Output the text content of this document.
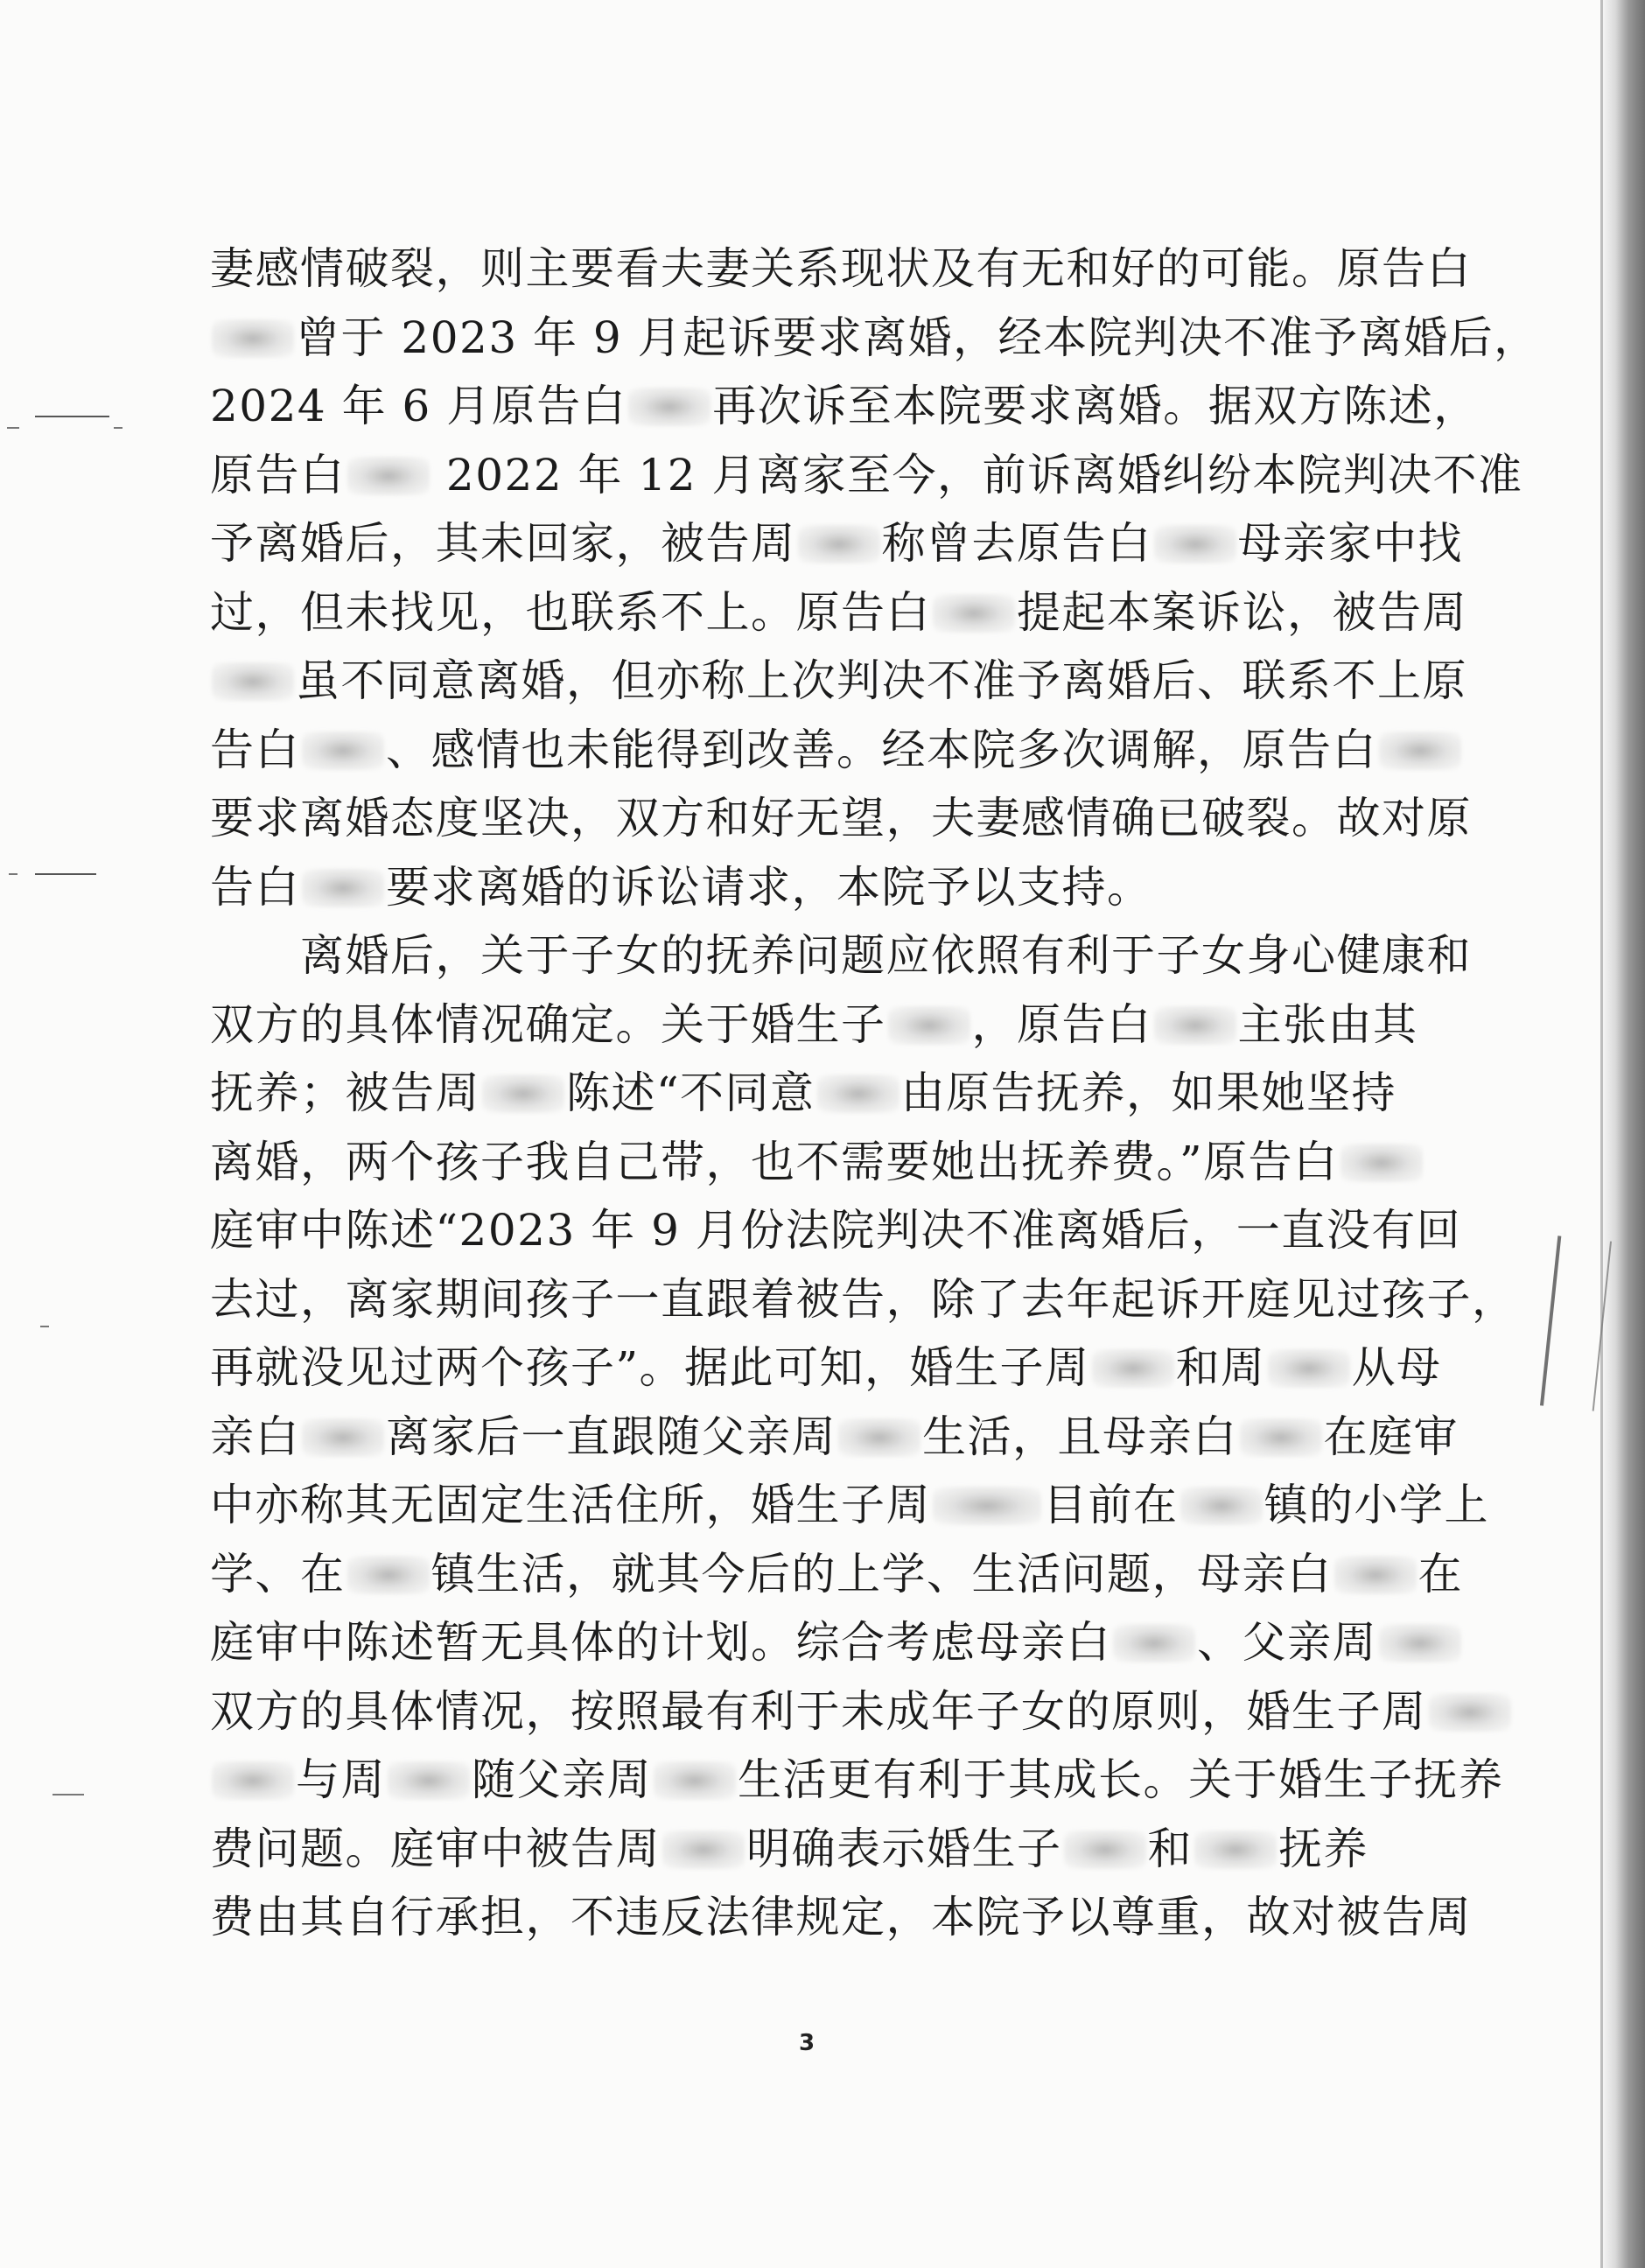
妻感情破裂，则主要看夫妻关系现状及有无和好的可能。原告白
曾于 2023 年 9 月起诉要求离婚，经本院判决不准予离婚后，
2024 年 6 月原告白 再次诉至本院要求离婚。据双方陈述，
原告白 2022 年 12 月离家至今，前诉离婚纠纷本院判决不准
予离婚后，其未回家，被告周 称曾去原告白 母亲家中找
过，但未找见，也联系不上。原告白 提起本案诉讼，被告周
虽不同意离婚，但亦称上次判决不准予离婚后、联系不上原
告白 、感情也未能得到改善。经本院多次调解，原告白
要求离婚态度坚决，双方和好无望，夫妻感情确已破裂。故对原
告白 要求离婚的诉讼请求，本院予以支持。
　　离婚后，关于子女的抚养问题应依照有利于子女身心健康和
双方的具体情况确定。关于婚生子 ，原告白 主张由其
抚养；被告周 陈述“不同意 由原告抚养，如果她坚持
离婚，两个孩子我自己带，也不需要她出抚养费。”原告白
庭审中陈述“2023 年 9 月份法院判决不准离婚后，一直没有回
去过，离家期间孩子一直跟着被告，除了去年起诉开庭见过孩子，
再就没见过两个孩子”。据此可知，婚生子周 和周 从母
亲白 离家后一直跟随父亲周 生活，且母亲白 在庭审
中亦称其无固定生活住所，婚生子周	目前在 镇的小学上
学、在 镇生活，就其今后的上学、生活问题，母亲白 在
庭审中陈述暂无具体的计划。综合考虑母亲白 、父亲周
双方的具体情况，按照最有利于未成年子女的原则，婚生子周
与周 随父亲周 生活更有利于其成长。关于婚生子抚养
费问题。庭审中被告周 明确表示婚生子 和 抚养
费由其自行承担，不违反法律规定，本院予以尊重，故对被告周
3
